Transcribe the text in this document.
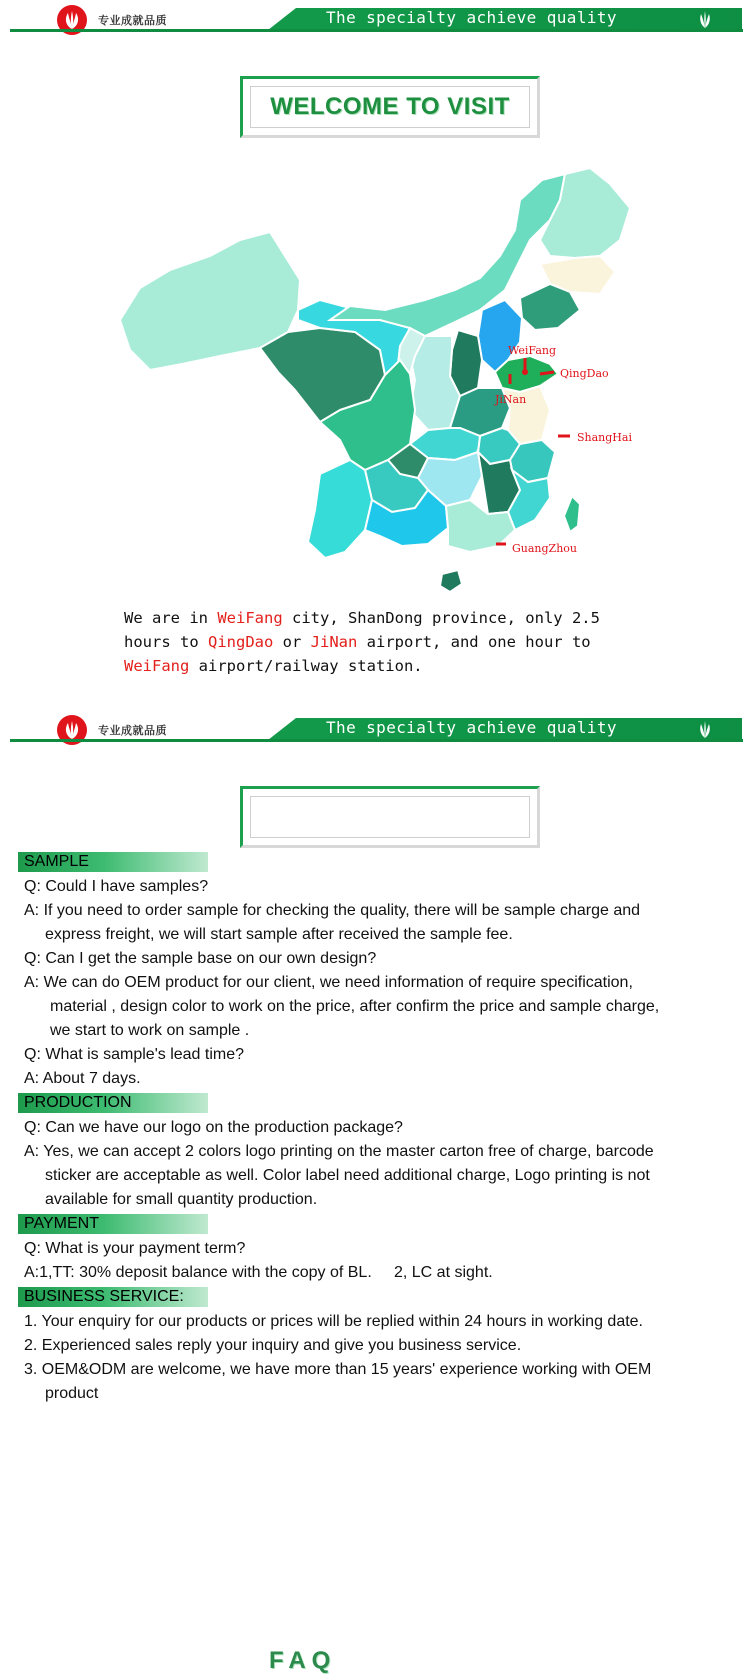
专业成就品质	The specialty achieve quality
WELCOME TO VISIT
WeiFang
QingDao
JiNan
ShangHai
GuangZhou
We are in WeiFang city, ShanDong province, only 2.5
hours to QingDao or JiNan airport, and one hour to
WeiFang airport/railway station.
专业成就品质	The specialty achieve quality
FAQ
SAMPLE
Q: Could I have samples?
A: If you need to order sample for checking the quality, there will be sample charge and
express freight, we will start sample after received the sample fee.
Q: Can I get the sample base on our own design?
A: We can do OEM product for our client, we need information of require specification,
material , design color to work on the price, after confirm the price and sample charge,
we start to work on sample .
Q: What is sample's lead time?
A: About 7 days.
PRODUCTION
Q: Can we have our logo on the production package?
A: Yes, we can accept 2 colors logo printing on the master carton free of charge, barcode
sticker are acceptable as well. Color label need additional charge, Logo printing is not
available for small quantity production.
PAYMENT
Q: What is your payment term?
A:1,TT: 30% deposit balance with the copy of BL.     2, LC at sight.
BUSINESS SERVICE:
1. Your enquiry for our products or prices will be replied within 24 hours in working date.
2. Experienced sales reply your inquiry and give you business service.
3. OEM&ODM are welcome, we have more than 15 years' experience working with OEM
product
